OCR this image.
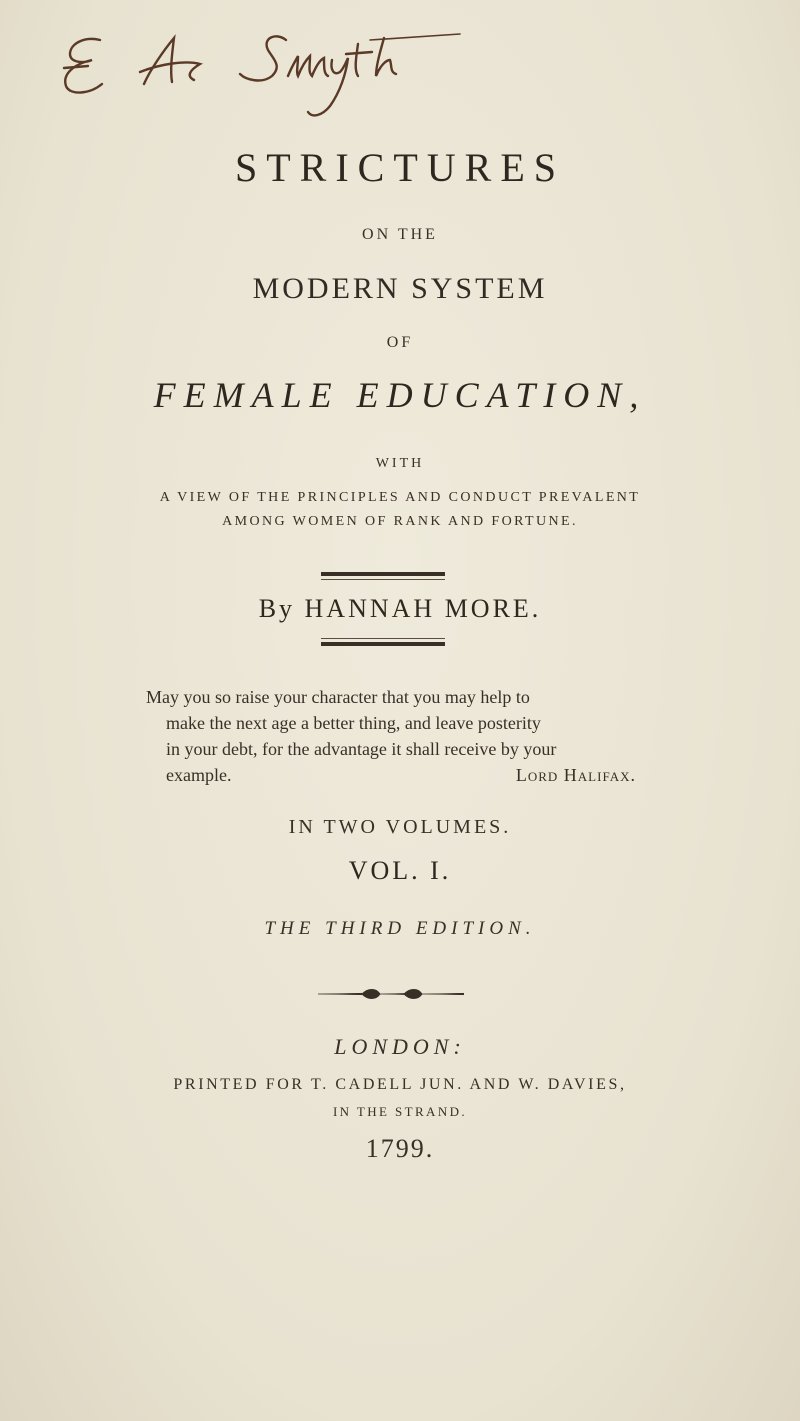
STRICTURES
ON THE
MODERN SYSTEM
OF
FEMALE EDUCATION,
WITH
A VIEW OF THE PRINCIPLES AND CONDUCT PREVALENT
AMONG WOMEN OF RANK AND FORTUNE.
By HANNAH MORE.
May you so raise your character that you may help to
make the next age a better thing, and leave posterity
in your debt, for the advantage it shall receive by your
example.	Lord Halifax.
IN TWO VOLUMES.
VOL. I.
THE THIRD EDITION.
LONDON:
PRINTED FOR T. CADELL JUN. AND W. DAVIES,
IN THE STRAND.
1799.
